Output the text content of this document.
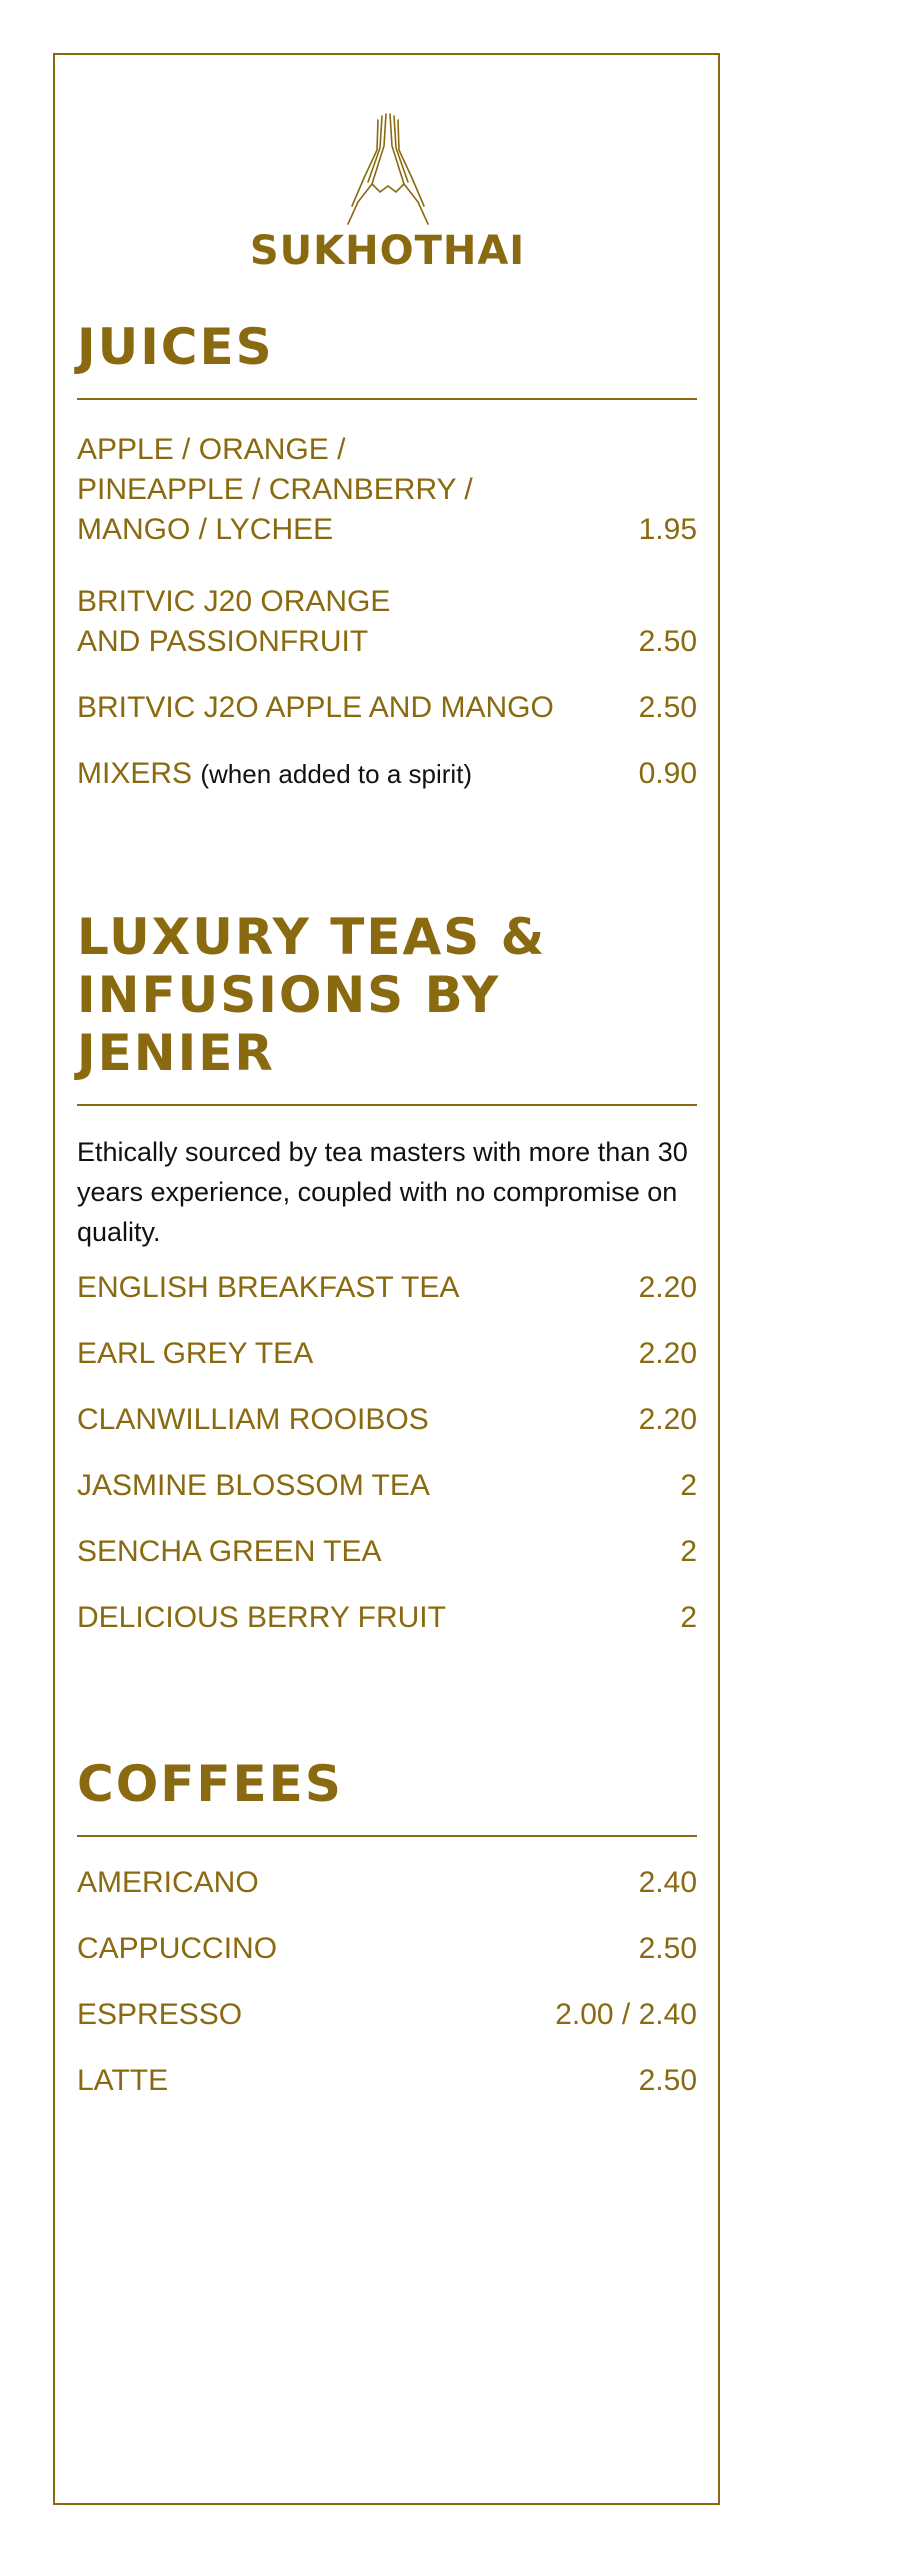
SUKHOTHAI
JUICES
APPLE / ORANGE /
PINEAPPLE / CRANBERRY /
MANGO / LYCHEE	1.95
BRITVIC J20 ORANGE
AND PASSIONFRUIT	2.50
BRITVIC J2O APPLE AND MANGO	2.50
MIXERS (when added to a spirit)	0.90
LUXURY TEAS &
INFUSIONS BY JENIER

Ethically sourced by tea masters with more than 30 years experience, coupled with no compromise on quality.

ENGLISH BREAKFAST TEA	2.20
EARL GREY TEA	2.20
CLANWILLIAM ROOIBOS	2.20
JASMINE BLOSSOM TEA	2
SENCHA GREEN TEA	2
DELICIOUS BERRY FRUIT	2
COFFEES
AMERICANO	2.40
CAPPUCCINO	2.50
ESPRESSO	2.00 / 2.40
LATTE	2.50
